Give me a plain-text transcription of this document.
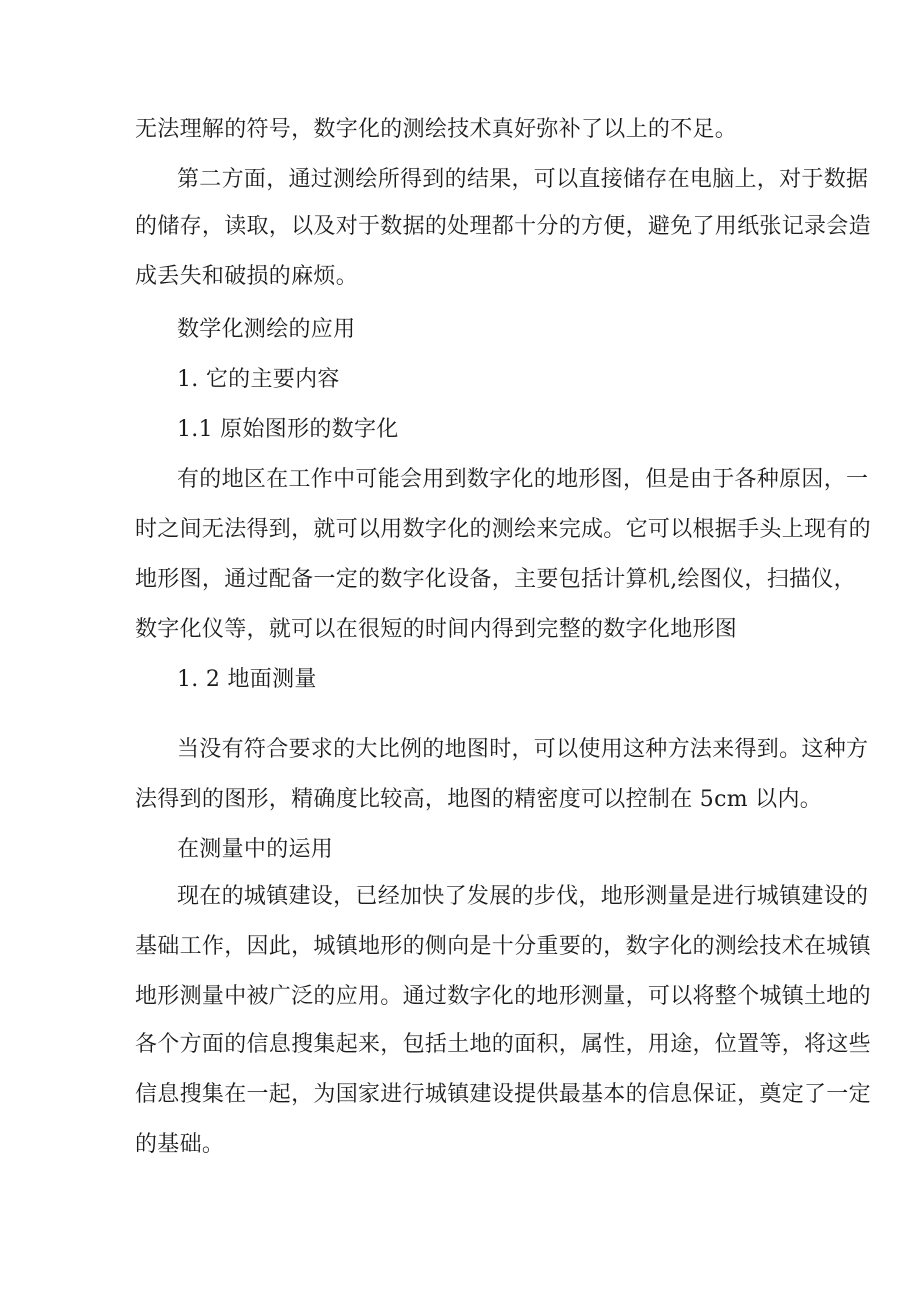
无法理解的符号，数字化的测绘技术真好弥补了以上的不足。
第二方面，通过测绘所得到的结果，可以直接储存在电脑上，对于数据
的储存，读取，以及对于数据的处理都十分的方便，避免了用纸张记录会造
成丢失和破损的麻烦。
数学化测绘的应用
1. 它的主要内容
1.1 原始图形的数字化
有的地区在工作中可能会用到数字化的地形图，但是由于各种原因，一
时之间无法得到，就可以用数字化的测绘来完成。它可以根据手头上现有的
地形图，通过配备一定的数字化设备，主要包括计算机,绘图仪，扫描仪，
数字化仪等，就可以在很短的时间内得到完整的数字化地形图
1. 2 地面测量
当没有符合要求的大比例的地图时，可以使用这种方法来得到。这种方
法得到的图形，精确度比较高，地图的精密度可以控制在 5cm 以内。
在测量中的运用
现在的城镇建设，已经加快了发展的步伐，地形测量是进行城镇建设的
基础工作，因此，城镇地形的侧向是十分重要的，数字化的测绘技术在城镇
地形测量中被广泛的应用。通过数字化的地形测量，可以将整个城镇土地的
各个方面的信息搜集起来，包括土地的面积，属性，用途，位置等，将这些
信息搜集在一起，为国家进行城镇建设提供最基本的信息保证，奠定了一定
的基础。
